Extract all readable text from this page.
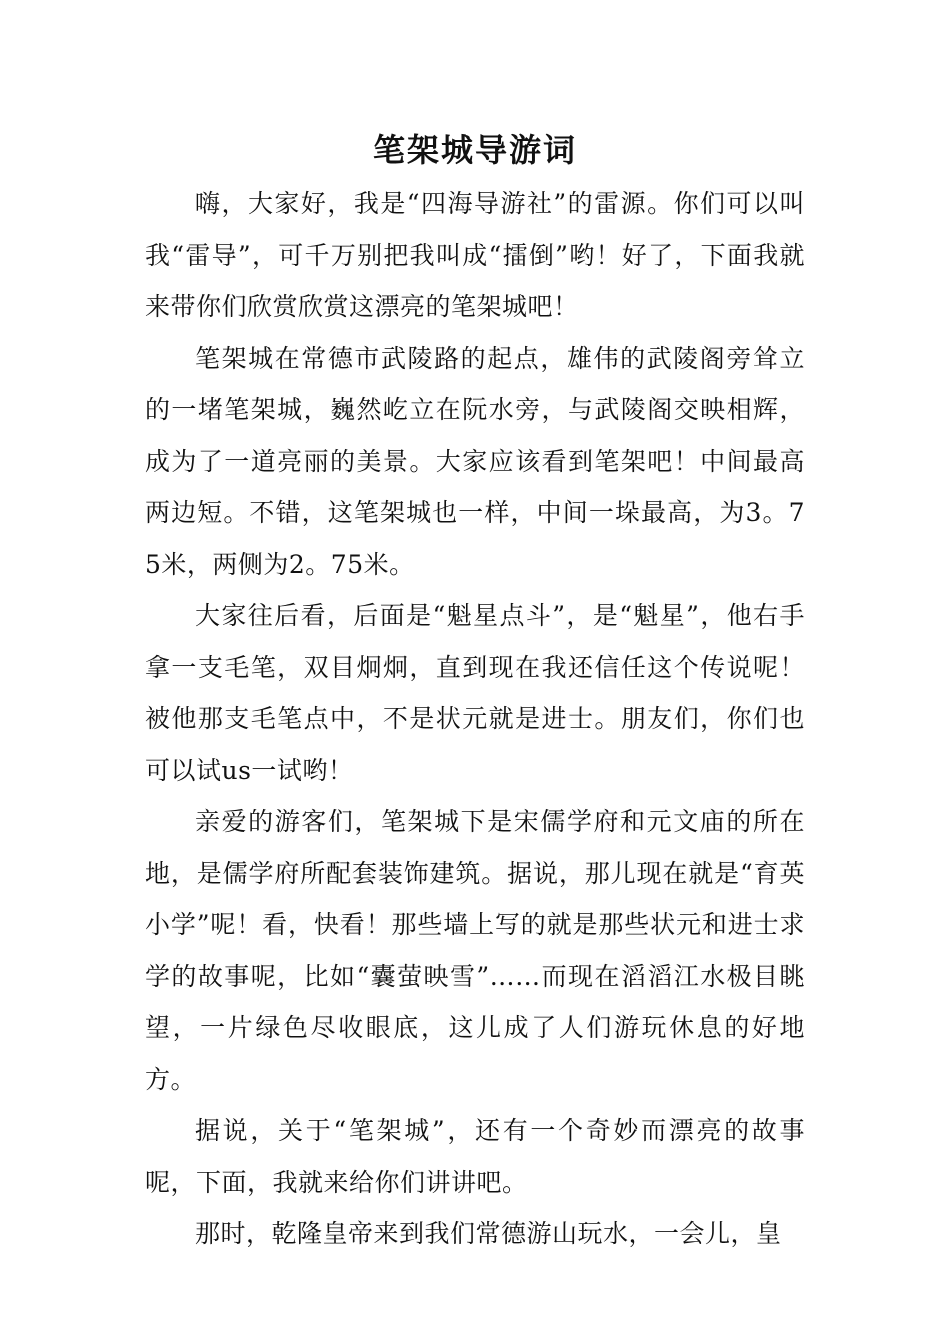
笔架城导游词

嗨，大家好，我是“四海导游社”的雷源。你们可以叫我“雷导”，可千万别把我叫成“擂倒”哟！好了，下面我就来带你们欣赏欣赏这漂亮的笔架城吧！

笔架城在常德市武陵路的起点，雄伟的武陵阁旁耸立的一堵笔架城，巍然屹立在阮水旁，与武陵阁交映相辉，成为了一道亮丽的美景。大家应该看到笔架吧！中间最高两边短。不错，这笔架城也一样，中间一垛最高，为3。75米，两侧为2。75米。

大家往后看，后面是“魁星点斗”，是“魁星”，他右手拿一支毛笔，双目炯炯，直到现在我还信任这个传说呢！被他那支毛笔点中，不是状元就是进士。朋友们，你们也可以试us一试哟！

亲爱的游客们，笔架城下是宋儒学府和元文庙的所在地，是儒学府所配套装饰建筑。据说，那儿现在就是“育英小学”呢！看，快看！那些墙上写的就是那些状元和进士求学的故事呢，比如“囊萤映雪”……而现在滔滔江水极目眺望，一片绿色尽收眼底，这儿成了人们游玩休息的好地方。

据说，关于“笔架城”，还有一个奇妙而漂亮的故事呢，下面，我就来给你们讲讲吧。

那时，乾隆皇帝来到我们常德游山玩水，一会儿，皇
